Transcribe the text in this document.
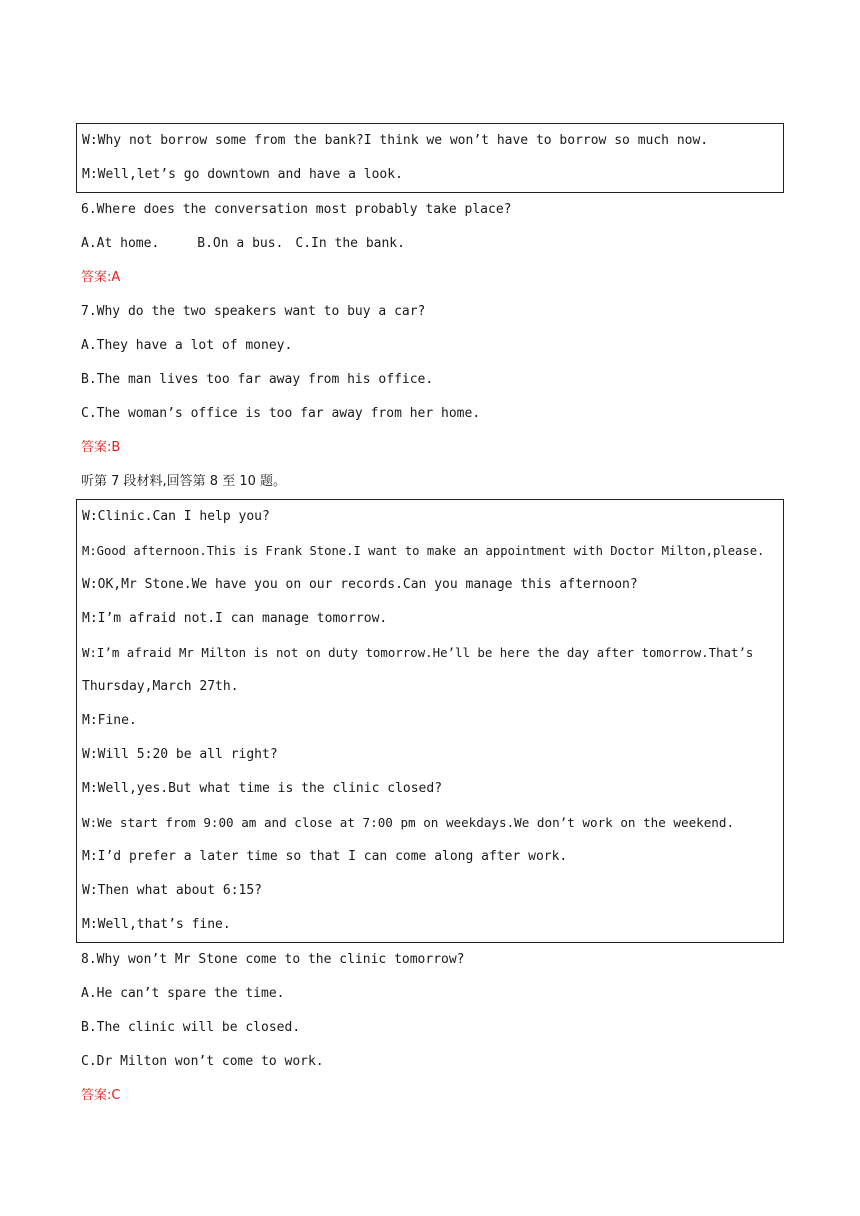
W:Why not borrow some from the bank?I think we won’t have to borrow so much now.
M:Well,let’s go downtown and have a look.
6.Where does the conversation most probably take place?
A.At home.	B.On a bus. C.In the bank.
答案:A
7.Why do the two speakers want to buy a car?
A.They have a lot of money.
B.The man lives too far away from his office.
C.The woman’s office is too far away from her home.
答案:B
听第 7 段材料,回答第 8 至 10 题。
W:Clinic.Can I help you?
M:Good afternoon.This is Frank Stone.I want to make an appointment with Doctor Milton,please.
W:OK,Mr Stone.We have you on our records.Can you manage this afternoon?
M:I’m afraid not.I can manage tomorrow.
W:I’m afraid Mr Milton is not on duty tomorrow.He’ll be here the day after tomorrow.That’s
Thursday,March 27th.
M:Fine.
W:Will 5:20 be all right?
M:Well,yes.But what time is the clinic closed?
W:We start from 9:00 am and close at 7:00 pm on weekdays.We don’t work on the weekend.
M:I’d prefer a later time so that I can come along after work.
W:Then what about 6:15?
M:Well,that’s fine.
8.Why won’t Mr Stone come to the clinic tomorrow?
A.He can’t spare the time.
B.The clinic will be closed.
C.Dr Milton won’t come to work.
答案:C
